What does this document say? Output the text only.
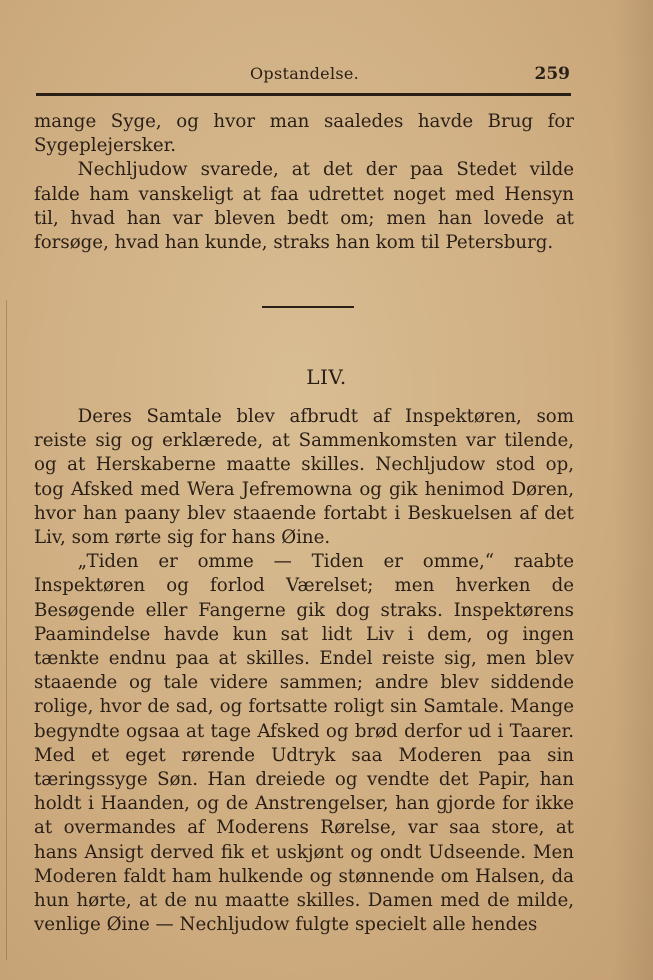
Opstandelse.	259

mange Syge, og hvor man saaledes havde Brug for Sygeplejersker.

Nechljudow svarede, at det der paa Stedet vilde falde ham vanskeligt at faa udrettet noget med Hensyn til, hvad han var bleven bedt om; men han lovede at forsøge, hvad han kunde, straks han kom til Petersburg.

LIV.

Deres Samtale blev afbrudt af Inspektøren, som reiste sig og erklærede, at Sammenkomsten var tilende, og at Herskaberne maatte skilles. Nechljudow stod op, tog Afsked med Wera Jefremowna og gik henimod Døren, hvor han paany blev staaende fortabt i Beskuelsen af det Liv, som rørte sig for hans Øine.

„Tiden er omme — Tiden er omme,“ raabte Inspektøren og forlod Værelset; men hverken de Besøgende eller Fangerne gik dog straks. Inspektørens Paamindelse havde kun sat lidt Liv i dem, og ingen tænkte endnu paa at skilles. Endel reiste sig, men blev staaende og tale videre sammen; andre blev siddende rolige, hvor de sad, og fortsatte roligt sin Samtale. Mange begyndte ogsaa at tage Afsked og brød derfor ud i Taarer. Med et eget rørende Udtryk saa Moderen paa sin tæringssyge Søn. Han dreiede og vendte det Papir, han holdt i Haanden, og de Anstrengelser, han gjorde for ikke at overmandes af Moderens Rørelse, var saa store, at hans Ansigt derved fik et uskjønt og ondt Udseende. Men Moderen faldt ham hulkende og stønnende om Halsen, da hun hørte, at de nu maatte skilles. Damen med de milde, venlige Øine — Nechljudow fulgte specielt alle hendes
